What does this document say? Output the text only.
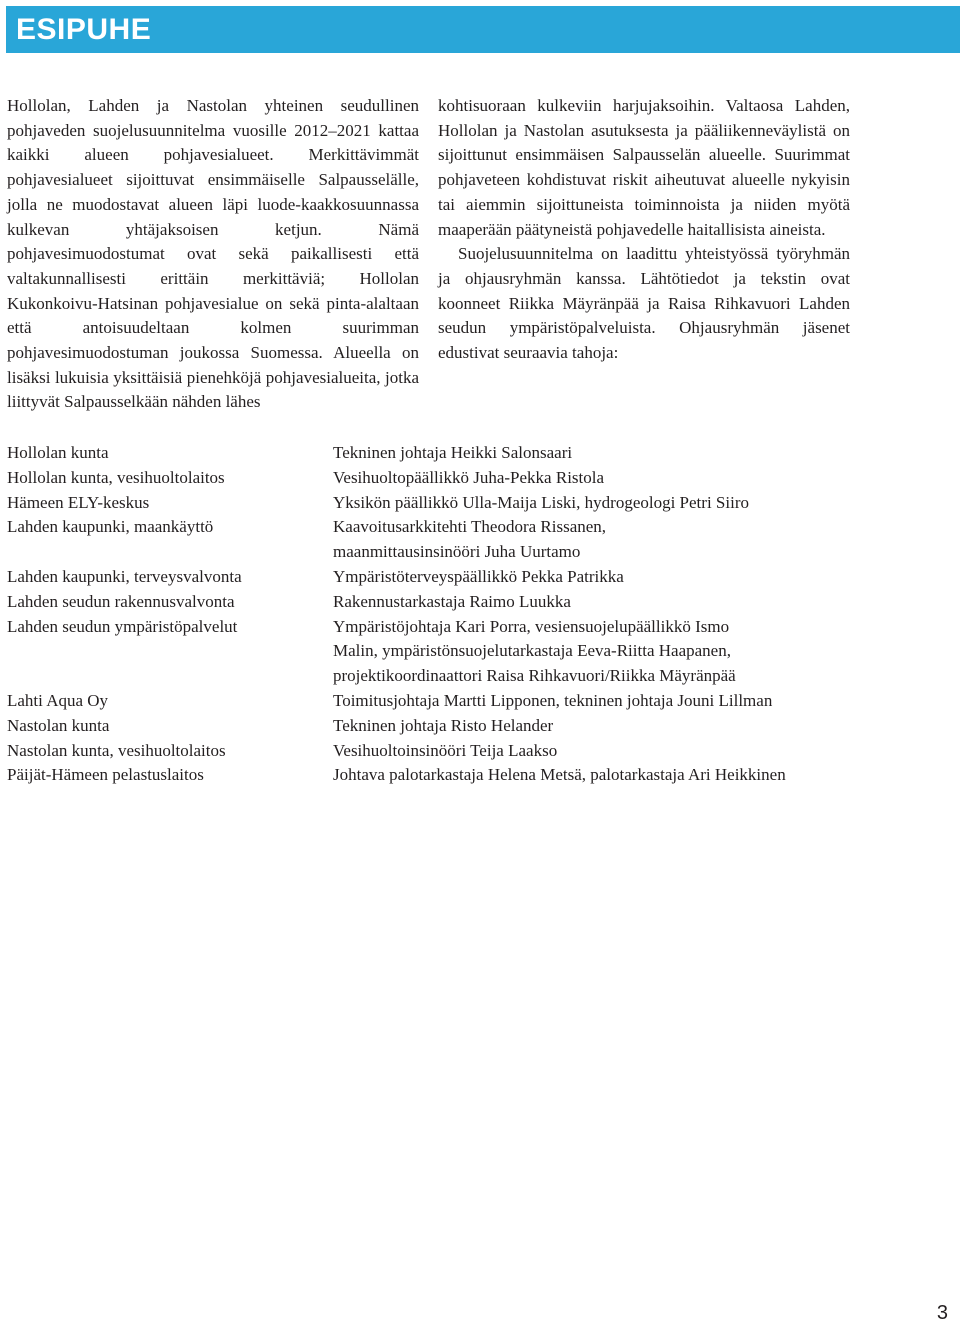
ESIPUHE

Hollolan, Lahden ja Nastolan yhteinen seudullinen pohjaveden suojelusuunnitelma vuosille 2012–2021 kattaa kaikki alueen pohjavesialueet. Merkittävimmät pohjavesialueet sijoittuvat ensimmäiselle Salpausselälle, jolla ne muodostavat alueen läpi luode-kaakkosuunnassa kulkevan yhtäjaksoisen ketjun. Nämä pohjavesimuodostumat ovat sekä paikallisesti että valtakunnallisesti erittäin merkittäviä; Hollolan Kukonkoivu-Hatsinan pohjavesialue on sekä pinta-alaltaan että antoisuudeltaan kolmen suurimman pohjavesimuodostuman joukossa Suomessa. Alueella on lisäksi lukuisia yksittäisiä pienehköjä pohjavesialueita, jotka liittyvät Salpausselkään nähden lähes

kohtisuoraan kulkeviin harjujaksoihin. Valtaosa Lahden, Hollolan ja Nastolan asutuksesta ja pääliikenneväylistä on sijoittunut ensimmäisen Salpausselän alueelle. Suurimmat pohjaveteen kohdistuvat riskit aiheutuvat alueelle nykyisin tai aiemmin sijoittuneista toiminnoista ja niiden myötä maaperään päätyneistä pohjavedelle haitallisista aineista.

Suojelusuunnitelma on laadittu yhteistyössä työryhmän ja ohjausryhmän kanssa. Lähtötiedot ja tekstin ovat koonneet Riikka Mäyränpää ja Raisa Rihkavuori Lahden seudun ympäristöpalveluista. Ohjausryhmän jäsenet edustivat seuraavia tahoja:

Hollolan kunta
Hollolan kunta, vesihuoltolaitos
Hämeen ELY-keskus
Lahden kaupunki, maankäyttö
Lahden kaupunki, terveysvalvonta
Lahden seudun rakennusvalvonta
Lahden seudun ympäristöpalvelut
Lahti Aqua Oy
Nastolan kunta
Nastolan kunta, vesihuoltolaitos
Päijät-Hämeen pelastuslaitos
Tekninen johtaja Heikki Salonsaari
Vesihuoltopäällikkö Juha-Pekka Ristola
Yksikön päällikkö Ulla-Maija Liski, hydrogeologi Petri Siiro
Kaavoitusarkkitehti Theodora Rissanen,
maanmittausinsinööri Juha Uurtamo
Ympäristöterveyspäällikkö Pekka Patrikka
Rakennustarkastaja Raimo Luukka
Ympäristöjohtaja Kari Porra, vesiensuojelupäällikkö Ismo
Malin, ympäristönsuojelutarkastaja Eeva-Riitta Haapanen,
projektikoordinaattori Raisa Rihkavuori/Riikka Mäyränpää
Toimitusjohtaja Martti Lipponen, tekninen johtaja Jouni Lillman
Tekninen johtaja Risto Helander
Vesihuoltoinsinööri Teija Laakso
Johtava palotarkastaja Helena Metsä, palotarkastaja Ari Heikkinen
3
